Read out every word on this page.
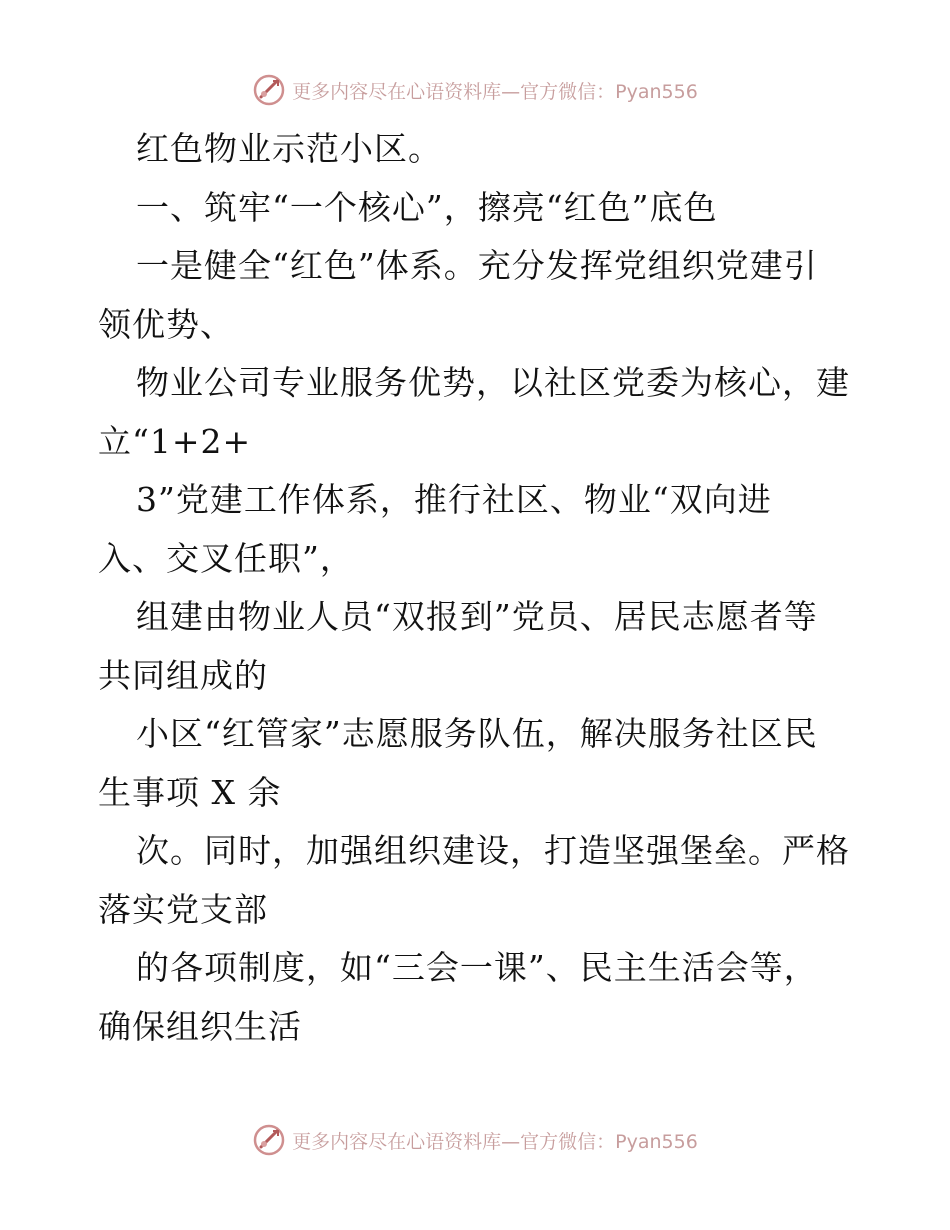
更多内容尽在心语资料库—官方微信：Pyan556
红色物业示范小区。
一、筑牢“一个核心”，擦亮“红色”底色
一是健全“红色”体系。充分发挥党组织党建引
领优势、
物业公司专业服务优势，以社区党委为核心，建
立“1+2+
3”党建工作体系，推行社区、物业“双向进
入、交叉任职”，
组建由物业人员“双报到”党员、居民志愿者等
共同组成的
小区“红管家”志愿服务队伍，解决服务社区民
生事项 X 余
次。同时，加强组织建设，打造坚强堡垒。严格
落实党支部
的各项制度，如“三会一课”、民主生活会等，
确保组织生活
更多内容尽在心语资料库—官方微信：Pyan556
